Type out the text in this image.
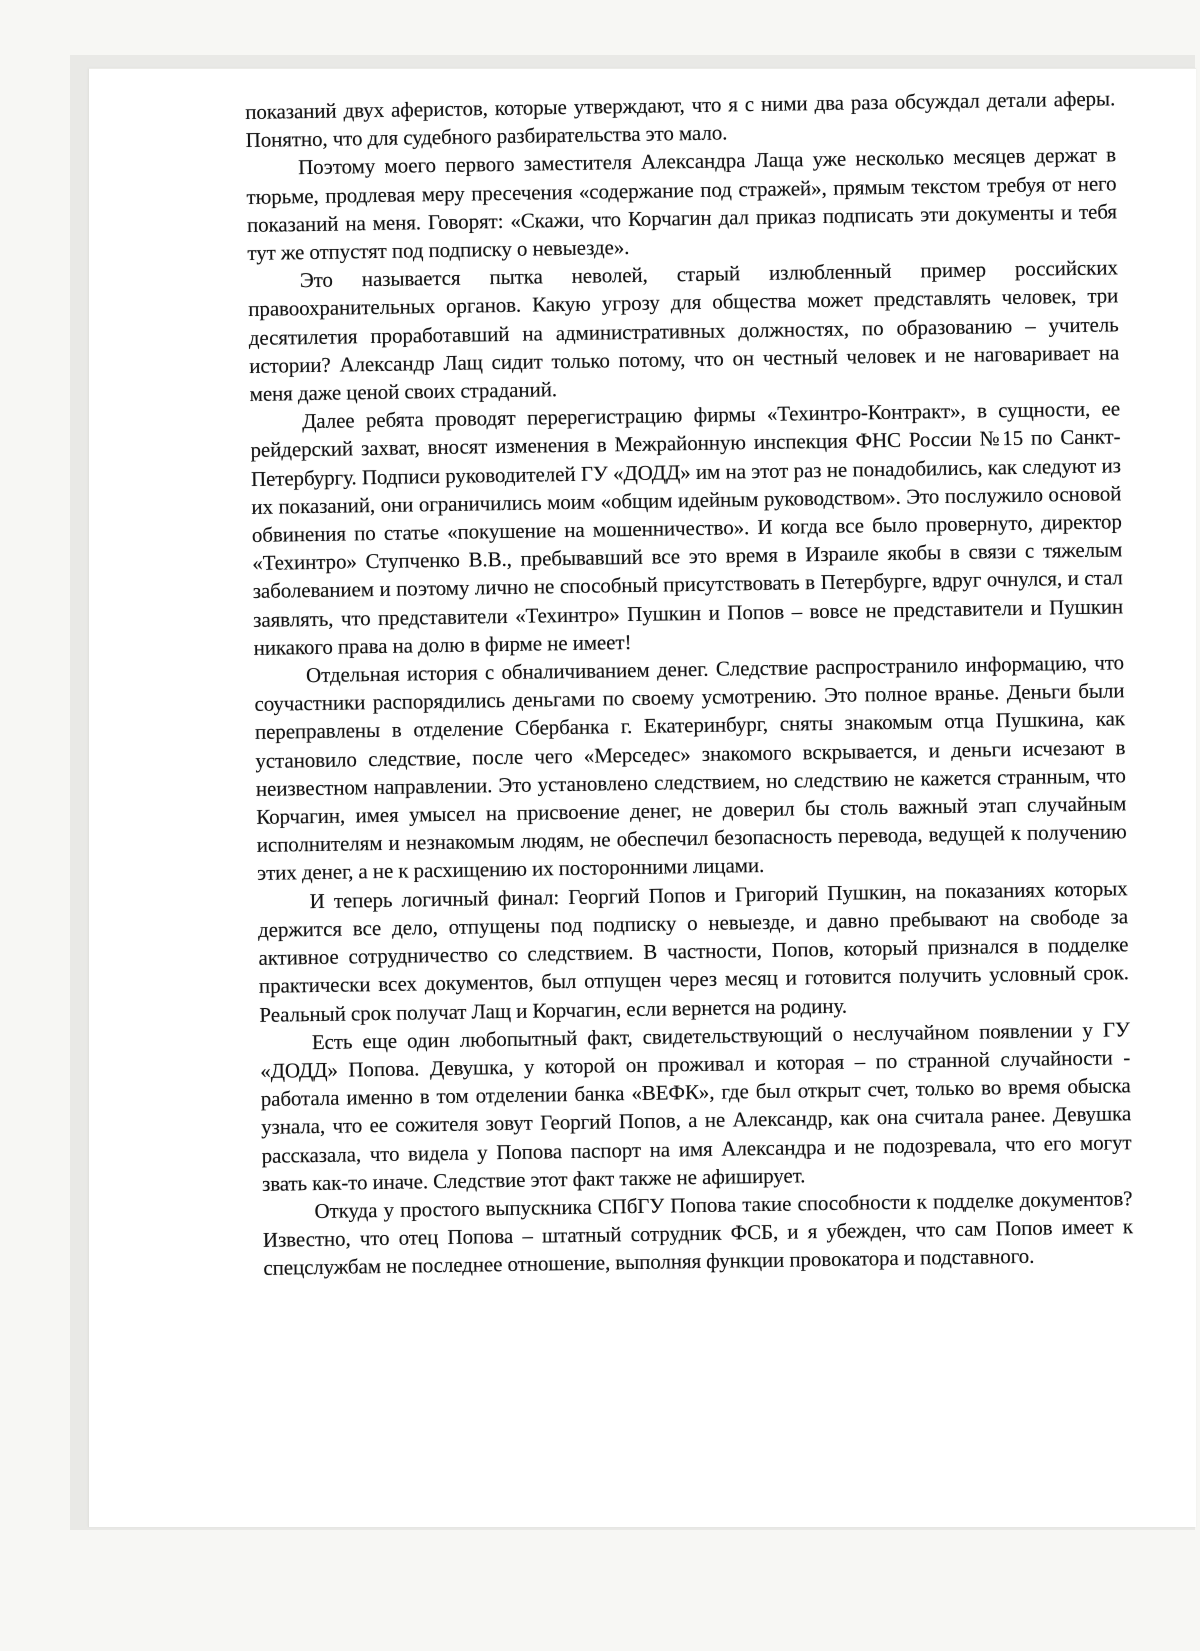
показаний двух аферистов, которые утверждают, что я с ними два раза обсуждал детали аферы. Понятно, что для судебного разбирательства это мало.

Поэтому моего первого заместителя Александра Лаща уже несколько месяцев держат в тюрьме, продлевая меру пресечения «содержание под стражей», прямым текстом требуя от него показаний на меня. Говорят: «Скажи, что Корчагин дал приказ подписать эти документы и тебя тут же отпустят под подписку о невыезде».

Это называется пытка неволей, старый излюбленный пример российских правоохранительных органов. Какую угрозу для общества может представлять человек, три десятилетия проработавший на административных должностях, по образованию – учитель истории? Александр Лащ сидит только потому, что он честный человек и не наговаривает на меня даже ценой своих страданий.

Далее ребята проводят перерегистрацию фирмы «Техинтро-Контракт», в сущности, ее рейдерский захват, вносят изменения в Межрайонную инспекция ФНС России №15 по Санкт-Петербургу. Подписи руководителей ГУ «ДОДД» им на этот раз не понадобились, как следуют из их показаний, они ограничились моим «общим идейным руководством». Это послужило основой обвинения по статье «покушение на мошенничество». И когда все было провернуто, директор «Техинтро» Ступченко В.В., пребывавший все это время в Израиле якобы в связи с тяжелым заболеванием и поэтому лично не способный присутствовать в Петербурге, вдруг очнулся, и стал заявлять, что представители «Техинтро» Пушкин и Попов – вовсе не представители и Пушкин никакого права на долю в фирме не имеет!

Отдельная история с обналичиванием денег. Следствие распространило информацию, что соучастники распорядились деньгами по своему усмотрению. Это полное вранье. Деньги были переправлены в отделение Сбербанка г. Екатеринбург, сняты знакомым отца Пушкина, как установило следствие, после чего «Мерседес» знакомого вскрывается, и деньги исчезают в неизвестном направлении. Это установлено следствием, но следствию не кажется странным, что Корчагин, имея умысел на присвоение денег, не доверил бы столь важный этап случайным исполнителям и незнакомым людям, не обеспечил безопасность перевода, ведущей к получению этих денег, а не к расхищению их посторонними лицами.

И теперь логичный финал: Георгий Попов и Григорий Пушкин, на показаниях которых держится все дело, отпущены под подписку о невыезде, и давно пребывают на свободе за активное сотрудничество со следствием. В частности, Попов, который признался в подделке практически всех документов, был отпущен через месяц и готовится получить условный срок. Реальный срок получат Лащ и Корчагин, если вернется на родину.

Есть еще один любопытный факт, свидетельствующий о неслучайном появлении у ГУ «ДОДД» Попова. Девушка, у которой он проживал и которая – по странной случайности - работала именно в том отделении банка «ВЕФК», где был открыт счет, только во время обыска узнала, что ее сожителя зовут Георгий Попов, а не Александр, как она считала ранее. Девушка рассказала, что видела у Попова паспорт на имя Александра и не подозревала, что его могут звать как-то иначе. Следствие этот факт также не афиширует.

Откуда у простого выпускника СПбГУ Попова такие способности к подделке документов? Известно, что отец Попова – штатный сотрудник ФСБ, и я убежден, что сам Попов имеет к спецслужбам не последнее отношение, выполняя функции провокатора и подставного.
